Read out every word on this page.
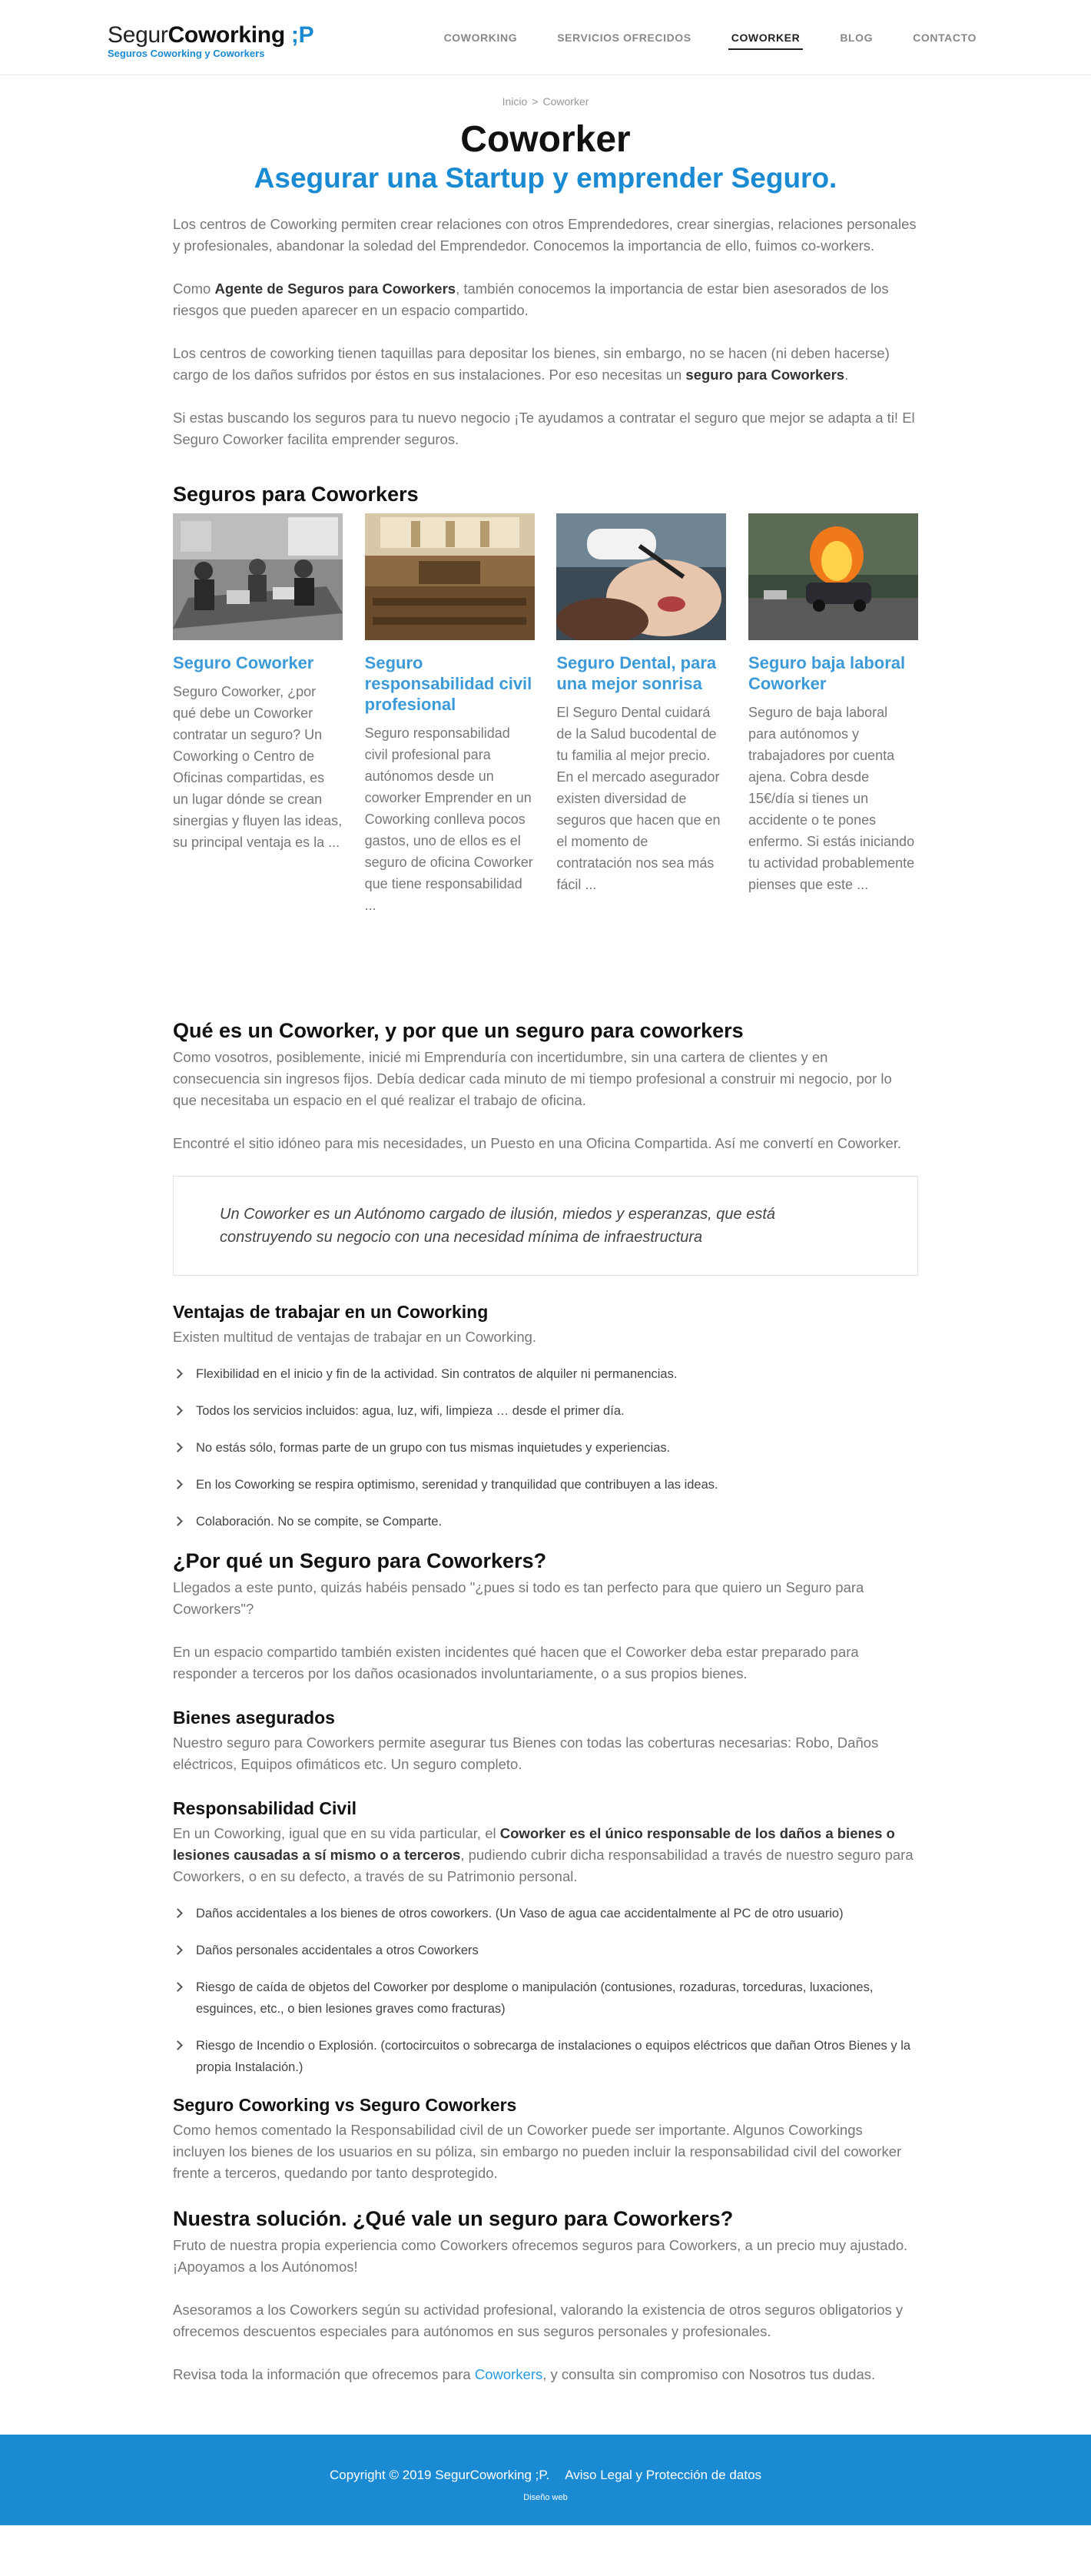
SegurCoworking ;P
Seguros Coworking y Coworkers
COWORKING	SERVICIOS OFRECIDOS	COWORKER	BLOG	CONTACTO
Inicio > Coworker
Coworker
Asegurar una Startup y emprender Seguro.

Los centros de Coworking permiten crear relaciones con otros Emprendedores, crear sinergias, relaciones personales y profesionales, abandonar la soledad del Emprendedor. Conocemos la importancia de ello, fuimos co-workers.

Como Agente de Seguros para Coworkers, también conocemos la importancia de estar bien asesorados de los riesgos que pueden aparecer en un espacio compartido.

Los centros de coworking tienen taquillas para depositar los bienes, sin embargo, no se hacen (ni deben hacerse) cargo de los daños sufridos por éstos en sus instalaciones. Por eso necesitas un seguro para Coworkers.

Si estas buscando los seguros para tu nuevo negocio ¡Te ayudamos a contratar el seguro que mejor se adapta a ti! El Seguro Coworker facilita emprender seguros.

Seguros para Coworkers
Seguro Coworker
Seguro Coworker, ¿por qué debe un Coworker contratar un seguro? Un Coworking o Centro de Oficinas compartidas, es un lugar dónde se crean sinergias y fluyen las ideas, su principal ventaja es la ...
Seguro responsabilidad civil profesional
Seguro responsabilidad civil profesional para autónomos desde un coworker Emprender en un Coworking conlleva pocos gastos, uno de ellos es el seguro de oficina Coworker que tiene responsabilidad ...
Seguro Dental, para una mejor sonrisa
El Seguro Dental cuidará de la Salud bucodental de tu familia al mejor precio. En el mercado asegurador existen diversidad de seguros que hacen que en el momento de contratación nos sea más fácil ...
Seguro baja laboral Coworker
Seguro de baja laboral para autónomos y trabajadores por cuenta ajena. Cobra desde 15€/día si tienes un accidente o te pones enfermo. Si estás iniciando tu actividad probablemente pienses que este ...
Qué es un Coworker, y por que un seguro para coworkers

Como vosotros, posiblemente, inicié mi Emprenduría con incertidumbre, sin una cartera de clientes y en consecuencia sin ingresos fijos. Debía dedicar cada minuto de mi tiempo profesional a construir mi negocio, por lo que necesitaba un espacio en el qué realizar el trabajo de oficina.

Encontré el sitio idóneo para mis necesidades, un Puesto en una Oficina Compartida. Así me convertí en Coworker.

Un Coworker es un Autónomo cargado de ilusión, miedos y esperanzas, que está construyendo su negocio con una necesidad mínima de infraestructura

Ventajas de trabajar en un Coworking

Existen multitud de ventajas de trabajar en un Coworking.

Flexibilidad en el inicio y fin de la actividad. Sin contratos de alquiler ni permanencias.
Todos los servicios incluidos: agua, luz, wifi, limpieza … desde el primer día.
No estás sólo, formas parte de un grupo con tus mismas inquietudes y experiencias.
En los Coworking se respira optimismo, serenidad y tranquilidad que contribuyen a las ideas.
Colaboración. No se compite, se Comparte.
¿Por qué un Seguro para Coworkers?

Llegados a este punto, quizás habéis pensado "¿pues si todo es tan perfecto para que quiero un Seguro para Coworkers"?

En un espacio compartido también existen incidentes qué hacen que el Coworker deba estar preparado para responder a terceros por los daños ocasionados involuntariamente, o a sus propios bienes.

Bienes asegurados

Nuestro seguro para Coworkers permite asegurar tus Bienes con todas las coberturas necesarias: Robo, Daños eléctricos, Equipos ofimáticos etc. Un seguro completo.

Responsabilidad Civil

En un Coworking, igual que en su vida particular, el Coworker es el único responsable de los daños a bienes o lesiones causadas a sí mismo o a terceros, pudiendo cubrir dicha responsabilidad a través de nuestro seguro para Coworkers, o en su defecto, a través de su Patrimonio personal.

Daños accidentales a los bienes de otros coworkers. (Un Vaso de agua cae accidentalmente al PC de otro usuario)
Daños personales accidentales a otros Coworkers
Riesgo de caída de objetos del Coworker por desplome o manipulación (contusiones, rozaduras, torceduras, luxaciones, esguinces, etc., o bien lesiones graves como fracturas)
Riesgo de Incendio o Explosión. (cortocircuitos o sobrecarga de instalaciones o equipos eléctricos que dañan Otros Bienes y la propia Instalación.)
Seguro Coworking vs Seguro Coworkers

Como hemos comentado la Responsabilidad civil de un Coworker puede ser importante. Algunos Coworkings incluyen los bienes de los usuarios en su póliza, sin embargo no pueden incluir la responsabilidad civil del coworker frente a terceros, quedando por tanto desprotegido.

Nuestra solución. ¿Qué vale un seguro para Coworkers?

Fruto de nuestra propia experiencia como Coworkers ofrecemos seguros para Coworkers, a un precio muy ajustado. ¡Apoyamos a los Autónomos!

Asesoramos a los Coworkers según su actividad profesional, valorando la existencia de otros seguros obligatorios y ofrecemos descuentos especiales para autónomos en sus seguros personales y profesionales.

Revisa toda la información que ofrecemos para Coworkers, y consulta sin compromiso con Nosotros tus dudas.

Copyright © 2019 SegurCoworking ;P. Aviso Legal y Protección de datos
Diseño web
